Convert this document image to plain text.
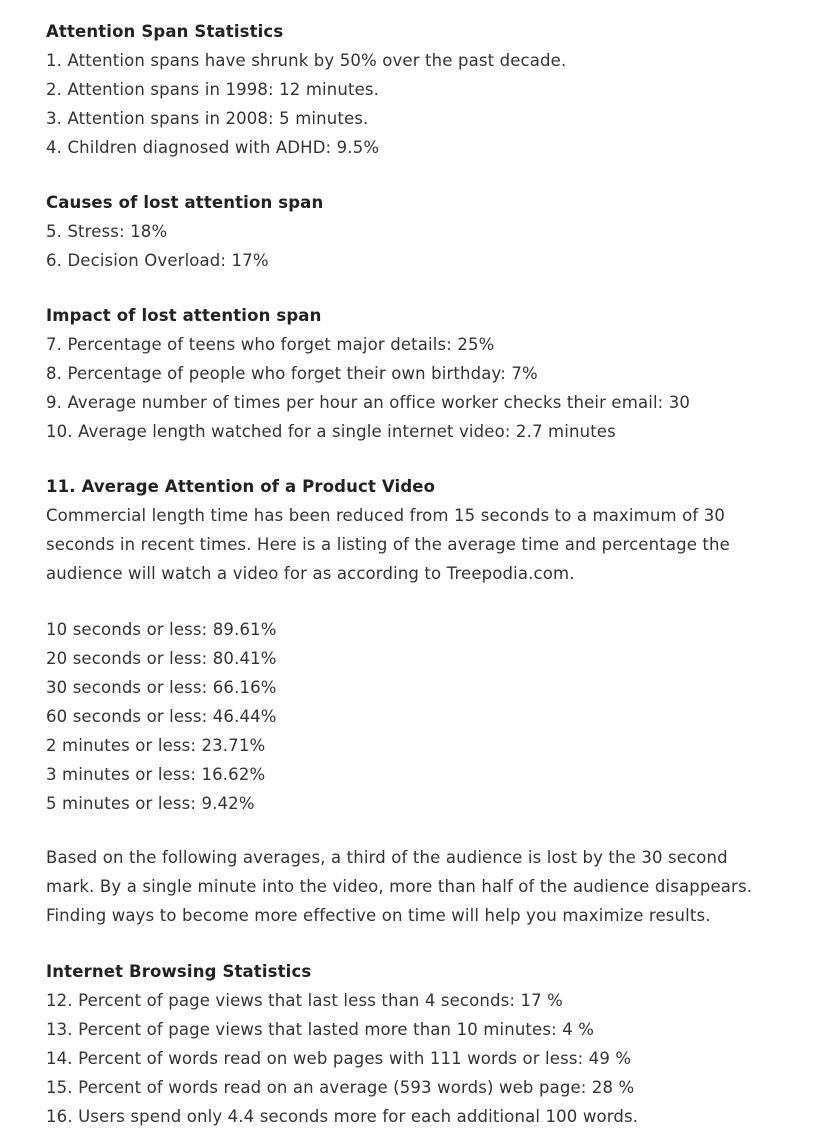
Attention Span Statistics
1. Attention spans have shrunk by 50% over the past decade.
2. Attention spans in 1998: 12 minutes.
3. Attention spans in 2008: 5 minutes.
4. Children diagnosed with ADHD: 9.5%
Causes of lost attention span
5. Stress: 18%
6. Decision Overload: 17%
Impact of lost attention span
7. Percentage of teens who forget major details: 25%
8. Percentage of people who forget their own birthday: 7%
9. Average number of times per hour an office worker checks their email: 30
10. Average length watched for a single internet video: 2.7 minutes
11. Average Attention of a Product Video
Commercial length time has been reduced from 15 seconds to a maximum of 30
seconds in recent times. Here is a listing of the average time and percentage the
audience will watch a video for as according to Treepodia.com.
10 seconds or less: 89.61%
20 seconds or less: 80.41%
30 seconds or less: 66.16%
60 seconds or less: 46.44%
2 minutes or less: 23.71%
3 minutes or less: 16.62%
5 minutes or less: 9.42%
Based on the following averages, a third of the audience is lost by the 30 second
mark. By a single minute into the video, more than half of the audience disappears.
Finding ways to become more effective on time will help you maximize results.
Internet Browsing Statistics
12. Percent of page views that last less than 4 seconds: 17 %
13. Percent of page views that lasted more than 10 minutes: 4 %
14. Percent of words read on web pages with 111 words or less: 49 %
15. Percent of words read on an average (593 words) web page: 28 %
16. Users spend only 4.4 seconds more for each additional 100 words.
